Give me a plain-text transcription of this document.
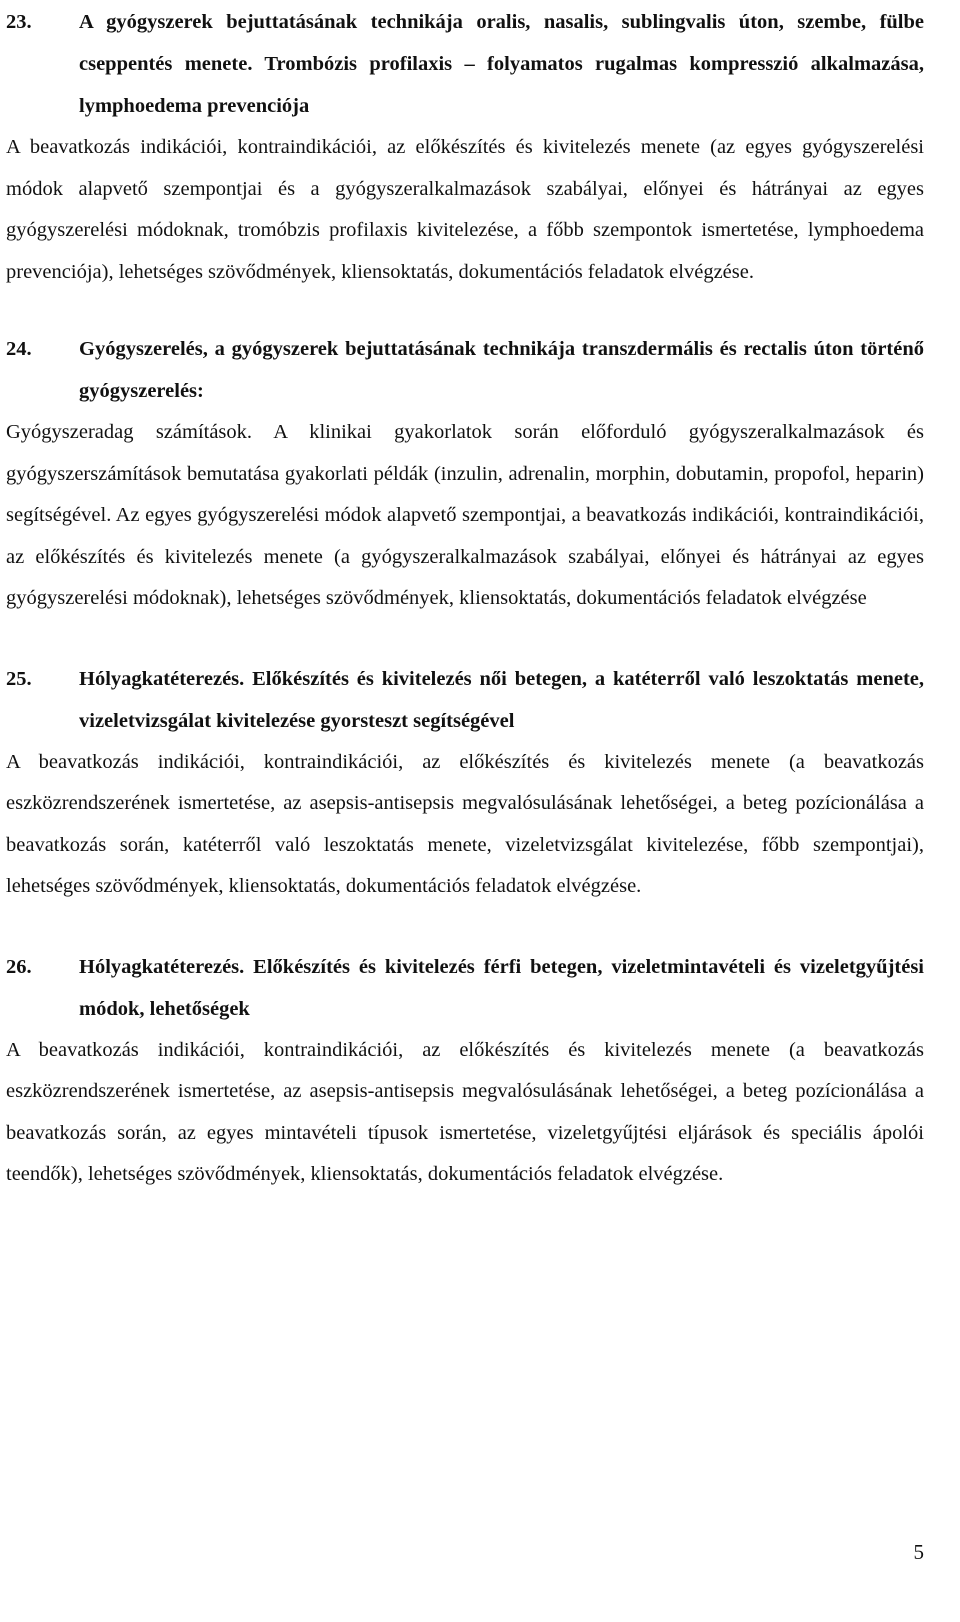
23.	A gyógyszerek bejuttatásának technikája oralis, nasalis, sublingvalis úton, szembe, fülbe cseppentés menete. Trombózis profilaxis – folyamatos rugalmas kompresszió alkalmazása, lymphoedema prevenciója
A beavatkozás indikációi, kontraindikációi, az előkészítés és kivitelezés menete (az egyes gyógyszerelési módok alapvető szempontjai és a gyógyszeralkalmazások szabályai, előnyei és hátrányai az egyes gyógyszerelési módoknak, tromóbzis profilaxis kivitelezése, a főbb szempontok ismertetése, lymphoedema prevenciója), lehetséges szövődmények, kliensoktatás, dokumentációs feladatok elvégzése.
24.	Gyógyszerelés, a gyógyszerek bejuttatásának technikája transzdermális és rectalis úton történő gyógyszerelés:
Gyógyszeradag számítások. A klinikai gyakorlatok során előforduló gyógyszeralkalmazások és gyógyszerszámítások bemutatása gyakorlati példák (inzulin, adrenalin, morphin, dobutamin, propofol, heparin) segítségével. Az egyes gyógyszerelési módok alapvető szempontjai, a beavatkozás indikációi, kontraindikációi, az előkészítés és kivitelezés menete (a gyógyszeralkalmazások szabályai, előnyei és hátrányai az egyes gyógyszerelési módoknak), lehetséges szövődmények, kliensoktatás, dokumentációs feladatok elvégzése
25.	Hólyagkatéterezés. Előkészítés és kivitelezés női betegen, a katéterről való leszoktatás menete, vizeletvizsgálat kivitelezése gyorsteszt segítségével
A beavatkozás indikációi, kontraindikációi, az előkészítés és kivitelezés menete (a beavatkozás eszközrendszerének ismertetése, az asepsis-antisepsis megvalósulásának lehetőségei, a beteg pozícionálása a beavatkozás során, katéterről való leszoktatás menete, vizeletvizsgálat kivitelezése, főbb szempontjai), lehetséges szövődmények, kliensoktatás, dokumentációs feladatok elvégzése.
26.	Hólyagkatéterezés. Előkészítés és kivitelezés férfi betegen, vizeletmintavételi és vizeletgyűjtési módok, lehetőségek
A beavatkozás indikációi, kontraindikációi, az előkészítés és kivitelezés menete (a beavatkozás eszközrendszerének ismertetése, az asepsis-antisepsis megvalósulásának lehetőségei, a beteg pozícionálása a beavatkozás során, az egyes mintavételi típusok ismertetése, vizeletgyűjtési eljárások és speciális ápolói teendők), lehetséges szövődmények, kliensoktatás, dokumentációs feladatok elvégzése.
5
